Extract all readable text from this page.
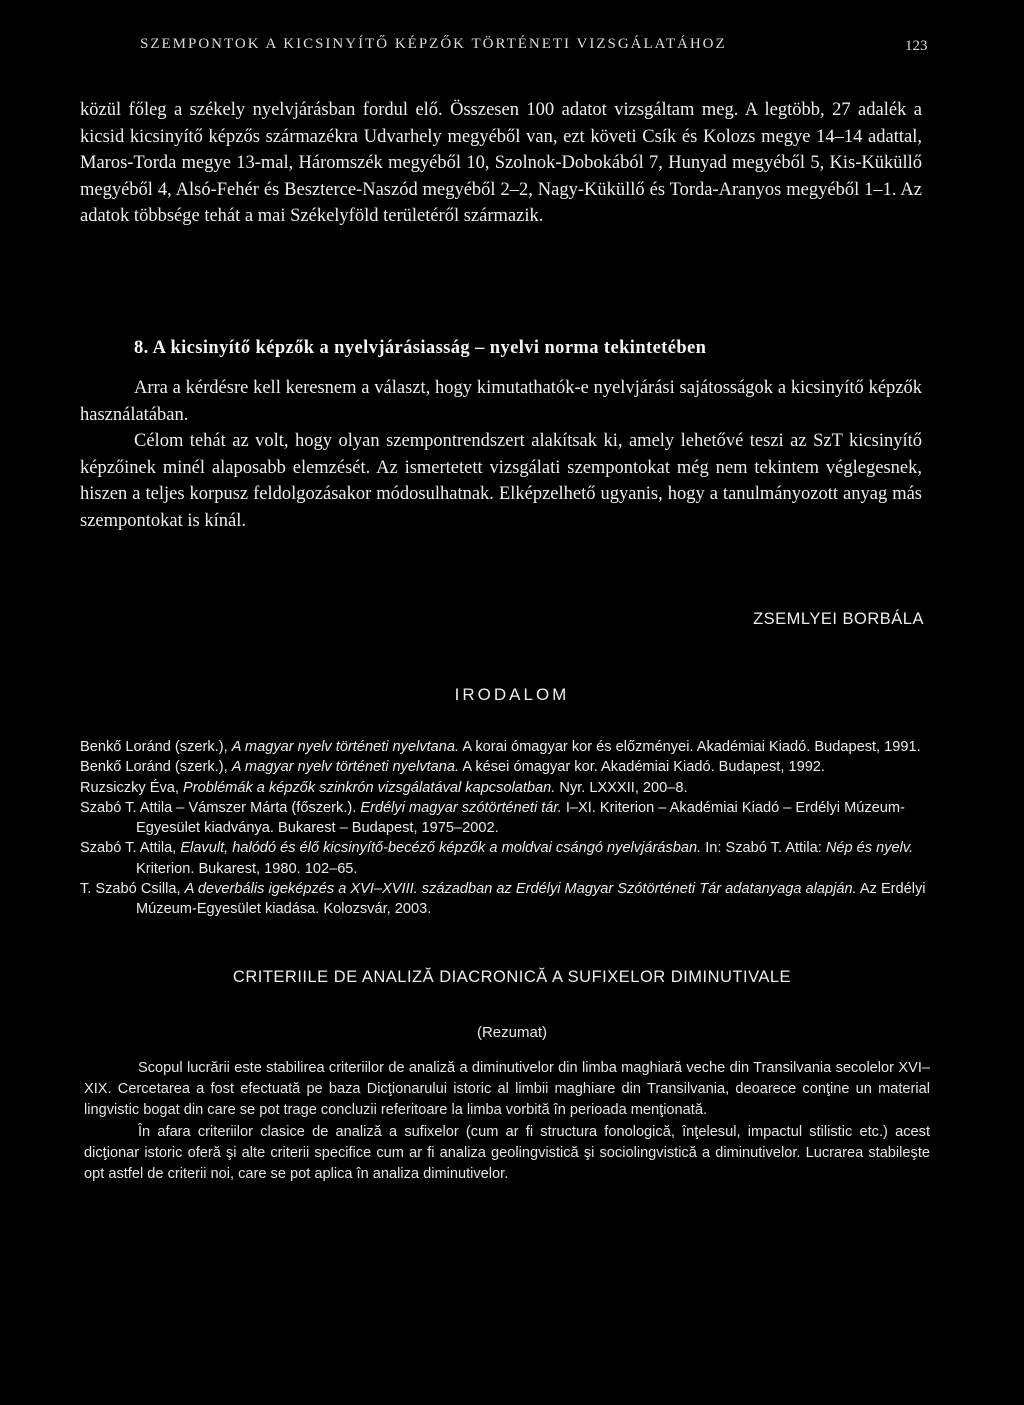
SZEMPONTOK A KICSINYÍTŐ KÉPZŐK TÖRTÉNETI VIZSGÁLATÁHOZ	123

közül főleg a székely nyelvjárásban fordul elő. Összesen 100 adatot vizsgáltam meg. A legtöbb, 27 adalék a kicsid kicsinyítő képzős származékra Udvarhely megyéből van, ezt követi Csík és Kolozs megye 14–14 adattal, Maros-Torda megye 13-mal, Háromszék megyéből 10, Szolnok-Dobokából 7, Hunyad megyéből 5, Kis-Küküllő megyéből 4, Alsó-Fehér és Beszterce-Naszód megyéből 2–2, Nagy-Küküllő és Torda-Aranyos megyéből 1–1. Az adatok többsége tehát a mai Székelyföld területéről származik.

8. A kicsinyítő képzők a nyelvjárásiasság – nyelvi norma tekintetében

Arra a kérdésre kell keresnem a választ, hogy kimutathatók-e nyelvjárási sajátosságok a kicsinyítő képzők használatában.

Célom tehát az volt, hogy olyan szempontrendszert alakítsak ki, amely lehetővé teszi az SzT kicsinyítő képzőinek minél alaposabb elemzését. Az ismertetett vizsgálati szempontokat még nem tekintem véglegesnek, hiszen a teljes korpusz feldolgozásakor módosulhatnak. Elképzelhető ugyanis, hogy a tanulmányozott anyag más szempontokat is kínál.

ZSEMLYEI BORBÁLA
IRODALOM

Benkő Loránd (szerk.), A magyar nyelv történeti nyelvtana. A korai ómagyar kor és előzményei. Akadémiai Kiadó. Budapest, 1991.

Benkő Loránd (szerk.), A magyar nyelv történeti nyelvtana. A kései ómagyar kor. Akadémiai Kiadó. Budapest, 1992.

Ruzsiczky Éva, Problémák a képzők szinkrón vizsgálatával kapcsolatban. Nyr. LXXXII, 200–8.

Szabó T. Attila – Vámszer Márta (főszerk.). Erdélyi magyar szótörténeti tár. I–XI. Kriterion – Akadémiai Kiadó – Erdélyi Múzeum-Egyesület kiadványa. Bukarest – Budapest, 1975–2002.

Szabó T. Attila, Elavult, halódó és élő kicsinyítő-becéző képzők a moldvai csángó nyelvjárásban. In: Szabó T. Attila: Nép és nyelv. Kriterion. Bukarest, 1980. 102–65.

T. Szabó Csilla, A deverbális igeképzés a XVI–XVIII. században az Erdélyi Magyar Szótörténeti Tár adatanyaga alapján. Az Erdélyi Múzeum-Egyesület kiadása. Kolozsvár, 2003.

CRITERIILE DE ANALIZĂ DIACRONICĂ A SUFIXELOR DIMINUTIVALE
(Rezumat)

Scopul lucrării este stabilirea criteriilor de analiză a diminutivelor din limba maghiară veche din Transilvania secolelor XVI–XIX. Cercetarea a fost efectuată pe baza Dicţionarului istoric al limbii maghiare din Transilvania, deoarece conţine un material lingvistic bogat din care se pot trage concluzii referitoare la limba vorbită în perioada menţionată.

În afara criteriilor clasice de analiză a sufixelor (cum ar fi structura fonologică, înţelesul, impactul stilistic etc.) acest dicţionar istoric oferă şi alte criterii specifice cum ar fi analiza geolingvistică şi sociolingvistică a diminutivelor. Lucrarea stabileşte opt astfel de criterii noi, care se pot aplica în analiza diminutivelor.
